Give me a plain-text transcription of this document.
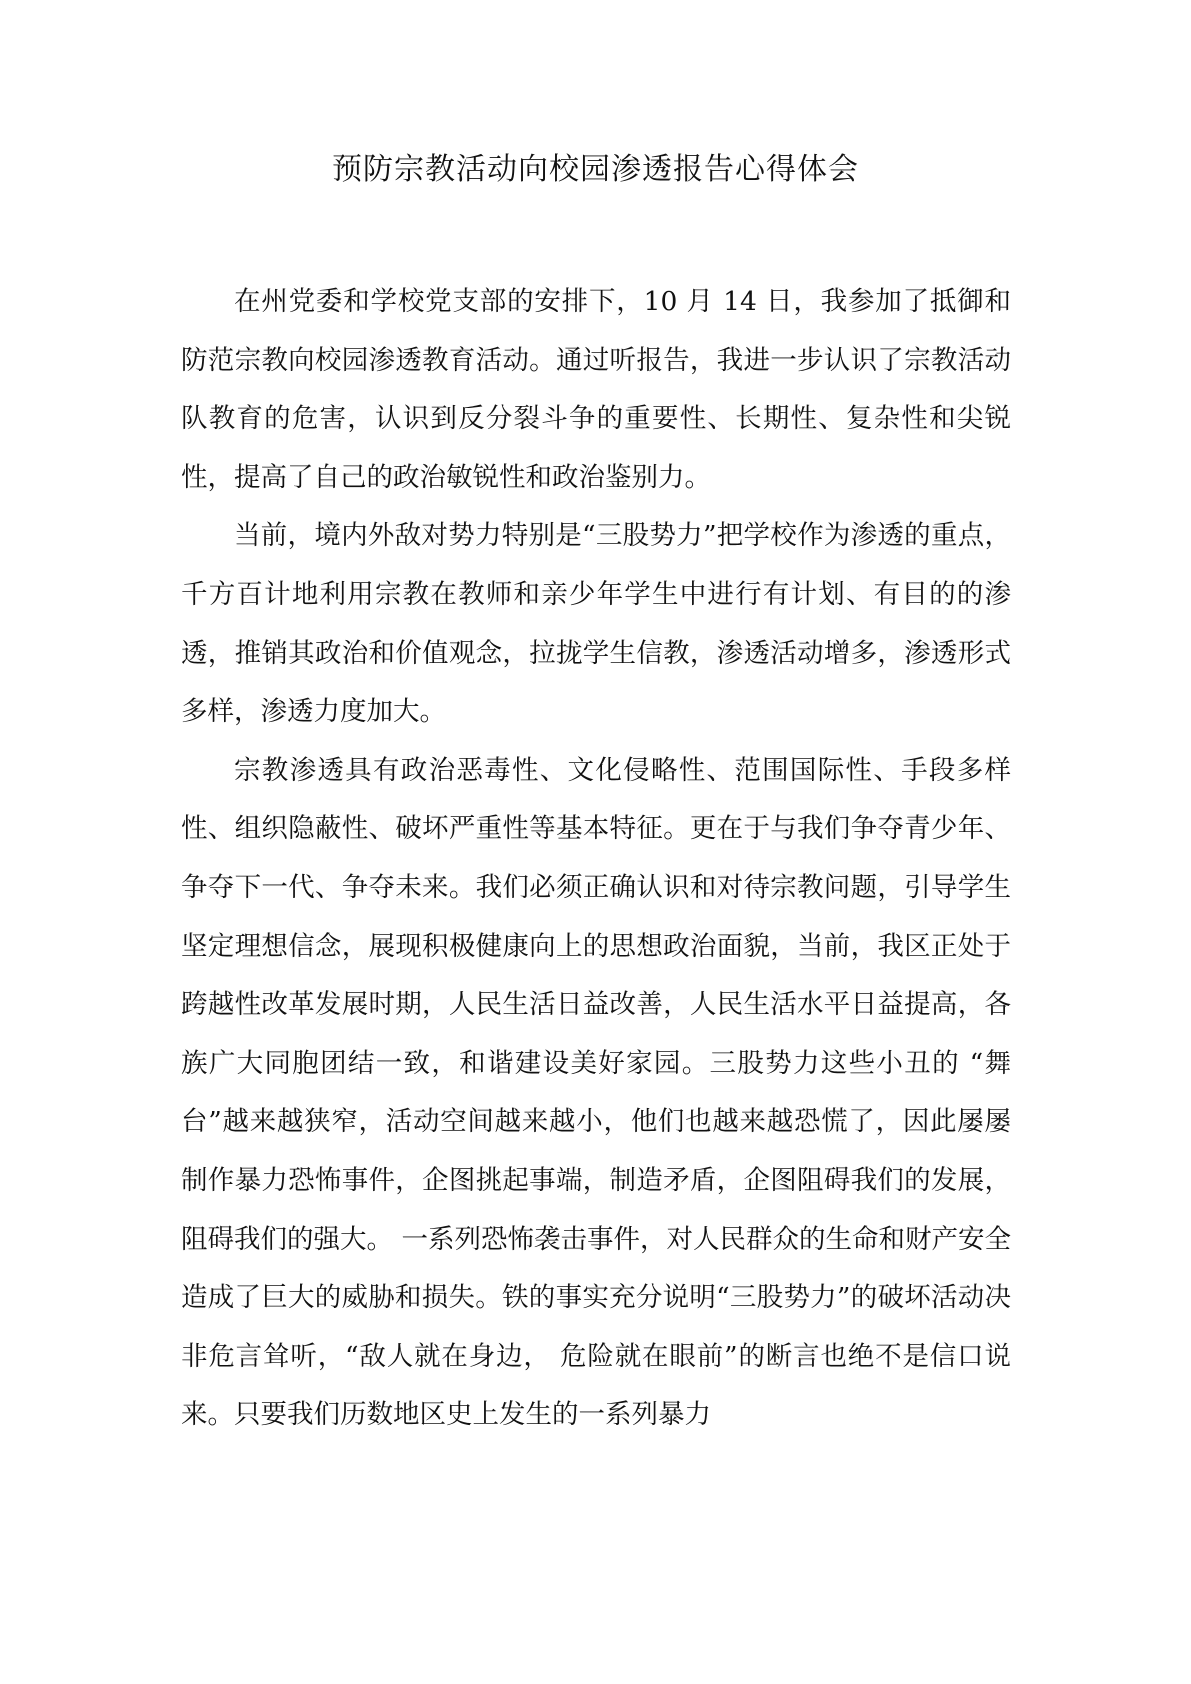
预防宗教活动向校园渗透报告心得体会

在州党委和学校党支部的安排下，10 月 14 日，我参加了抵御和防范宗教向校园渗透教育活动。通过听报告，我进一步认识了宗教活动队教育的危害，认识到反分裂斗争的重要性、长期性、复杂性和尖锐性，提高了自己的政治敏锐性和政治鉴别力。

当前，境内外敌对势力特别是“三股势力”把学校作为渗透的重点，千方百计地利用宗教在教师和亲少年学生中进行有计划、有目的的渗透，推销其政治和价值观念，拉拢学生信教，渗透活动增多，渗透形式多样，渗透力度加大。

宗教渗透具有政治恶毒性、文化侵略性、范围国际性、手段多样性、组织隐蔽性、破坏严重性等基本特征。更在于与我们争夺青少年、争夺下一代、争夺未来。我们必须正确认识和对待宗教问题，引导学生坚定理想信念，展现积极健康向上的思想政治面貌，当前，我区正处于跨越性改革发展时期，人民生活日益改善，人民生活水平日益提高，各族广大同胞团结一致，和谐建设美好家园。三股势力这些小丑的 “舞台”越来越狭窄，活动空间越来越小，他们也越来越恐慌了，因此屡屡制作暴力恐怖事件，企图挑起事端，制造矛盾，企图阻碍我们的发展，阻碍我们的强大。 一系列恐怖袭击事件，对人民群众的生命和财产安全造成了巨大的威胁和损失。铁的事实充分说明“三股势力”的破坏活动决非危言耸听，“敌人就在身边， 危险就在眼前”的断言也绝不是信口说来。只要我们历数地区史上发生的一系列暴力
